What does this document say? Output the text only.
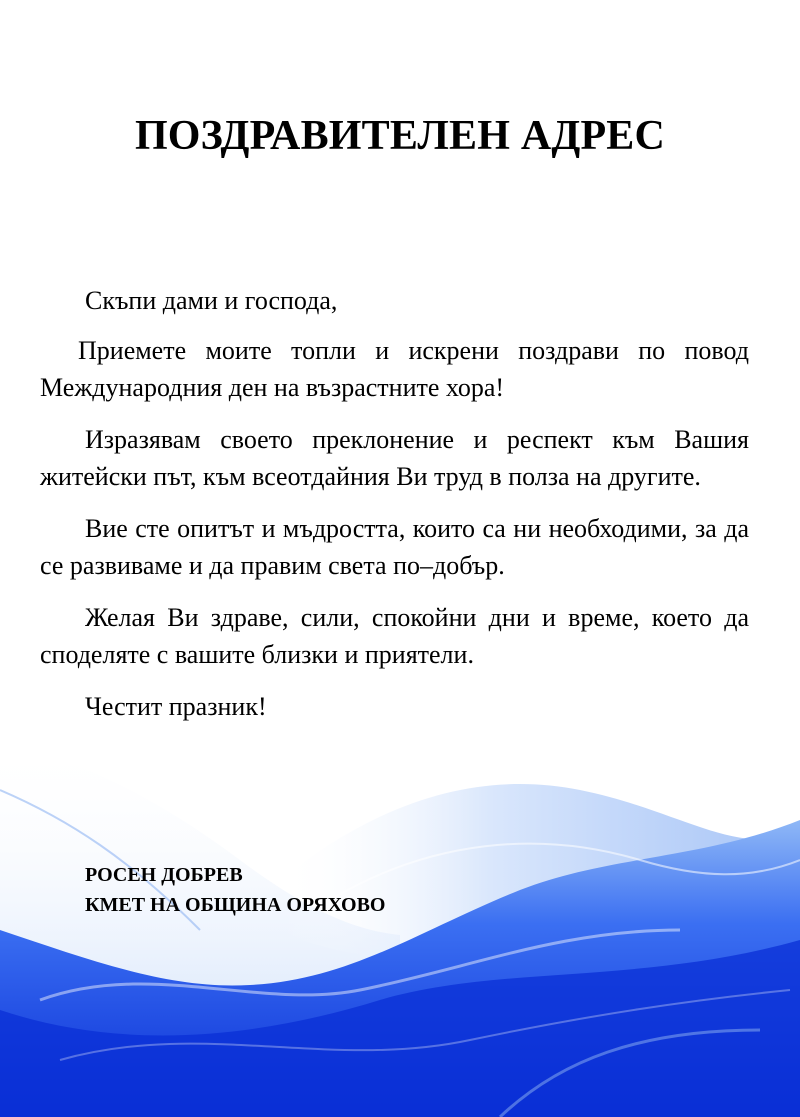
ПОЗДРАВИТЕЛЕН АДРЕС

Скъпи дами и господа,

Приемете моите топли и искрени поздрави по повод Международния ден на възрастните хора!

Изразявам своето преклонение и респект към Вашия житейски път, към всеотдайния Ви труд в полза на другите.

Вие сте опитът и мъдростта, които са ни необходими, за да се развиваме и да правим света по–добър.

Желая Ви здраве, сили, спокойни дни и време, което да споделяте с вашите близки и приятели.

Честит празник!

РОСЕН ДОБРЕВ
КМЕТ НА ОБЩИНА ОРЯХОВО
